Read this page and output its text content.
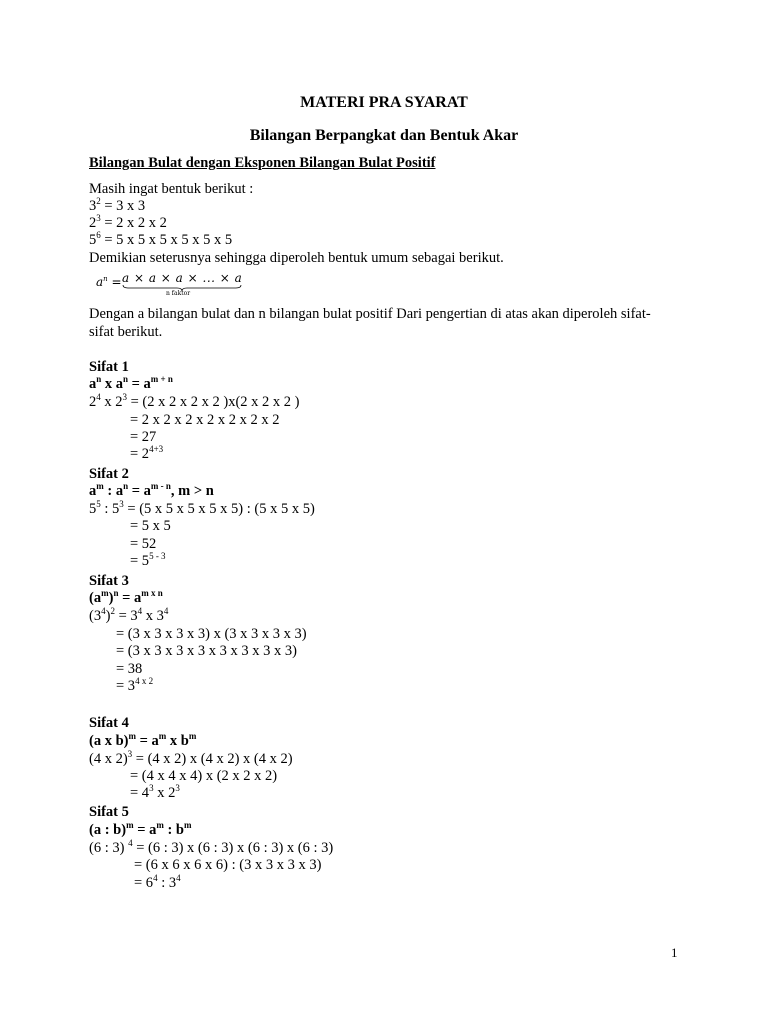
MATERI PRA SYARAT
Bilangan Berpangkat dan Bentuk Akar
Bilangan Bulat dengan Eksponen Bilangan Bulat Positif
Masih ingat bentuk berikut :
$3^2 = 3$ x 3
$2^3 = 2$ x 2 x 2
$5^6 = 5$ x 5 x 5 x 5 x 5 x 5
Demikian seterusnya sehingga diperoleh bentuk umum sebagai berikut.
$a^n = a \times a \times a$ × ... × a
n faktor
Dengan a bilangan bulat dan n bilangan bulat positif Dari pengertian di atas akan diperoleh sifat-
sifat berikut.
Sifat 1
$a^n$ x $a^n = a^{m + n}$
$2^4$ x $2^3 = (2$ x 2 x 2 x 2 )x(2 x 2 x 2 )
= 2 x 2 x 2 x 2 x 2 x 2 x 2
= 27
= $2^{4+3}$
Sifat 2
$a^m$ : $a^n = a^{m - n}$, m > n
$5^5$ : $5^3 = (5$ x 5 x 5 x 5 x 5) : (5 x 5 x 5)
= 5 x 5
= 52
= $5^{5 - 3}$
Sifat 3
$(a^m)^n = a^{m x n}$
$(3^4)^2 = 3^4$ x $3^4$
= (3 x 3 x 3 x 3) x (3 x 3 x 3 x 3)
= (3 x 3 x 3 x 3 x 3 x 3 x 3 x 3)
= 38
= $3^{4 x 2}$
Sifat 4
(a x $b)^m = a^m$ x $b^m$
(4 x 2)$^3$ = (4 x 2) x (4 x 2) x (4 x 2)
= (4 x 4 x 4) x (2 x 2 x 2)
= $4^3$ x $2^3$
Sifat 5
(a : $b)^m = a^m$ : $b^m$
(6 : 3) $^4$ = (6 : 3) x (6 : 3) x (6 : 3) x (6 : 3)
= (6 x 6 x 6 x 6) : (3 x 3 x 3 x 3)
= $6^4$ : $3^4$
1
